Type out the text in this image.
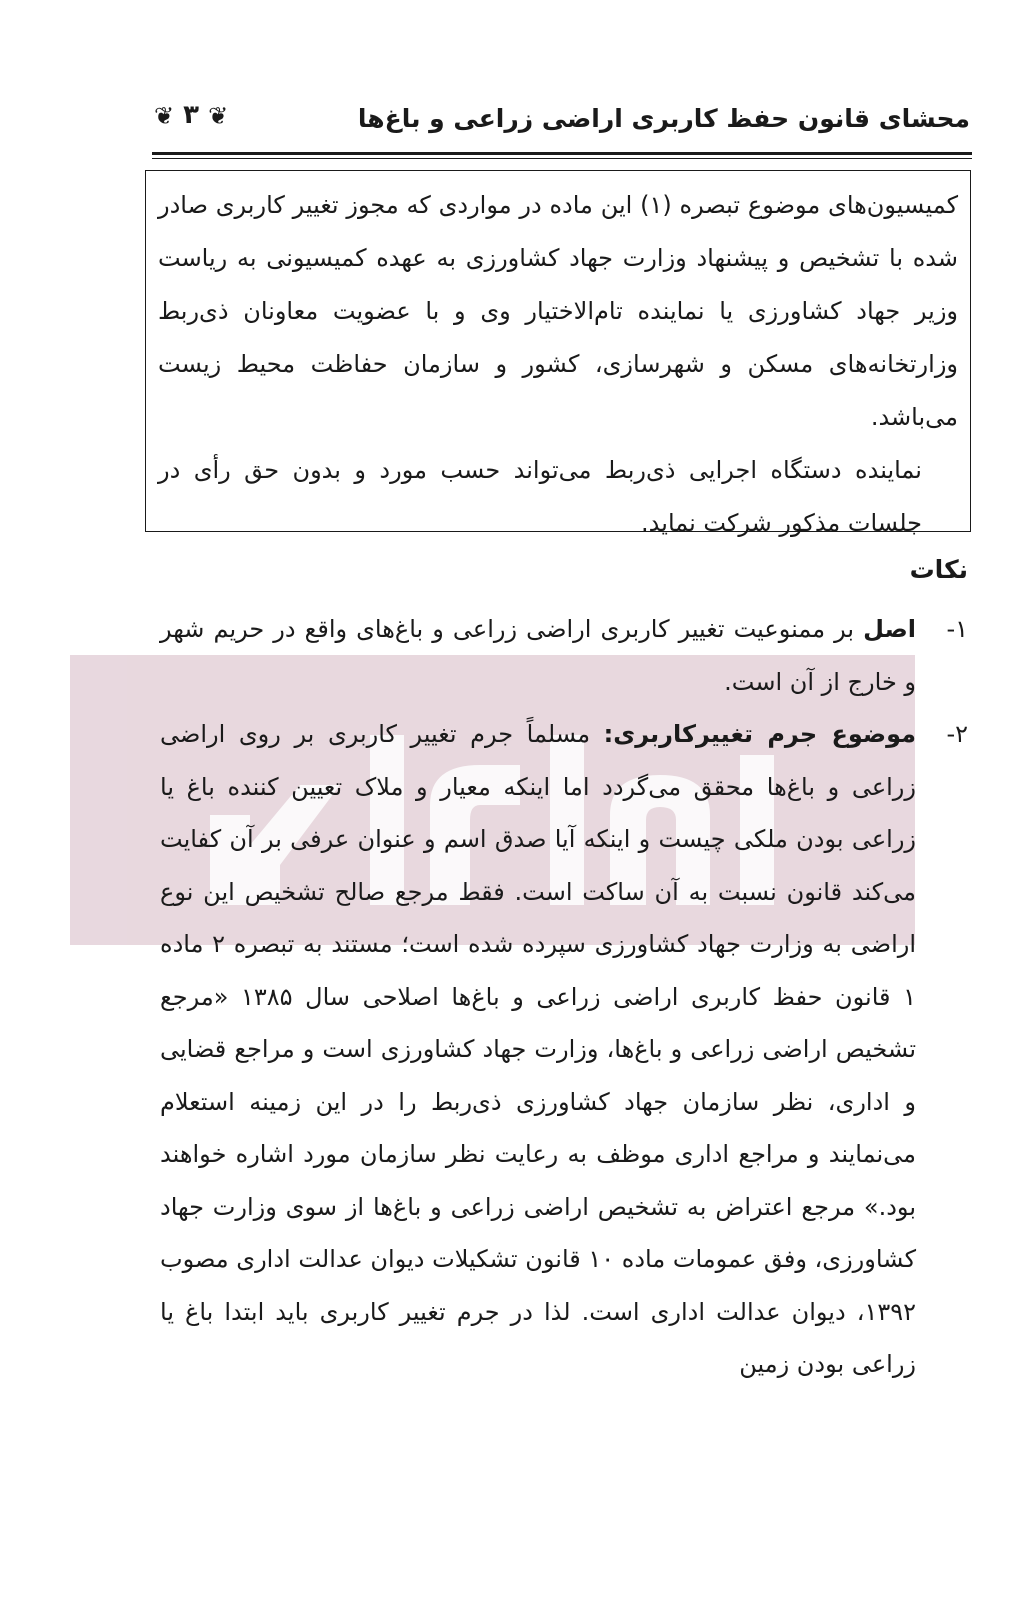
محشای قانون حفظ کاربری اراضی زراعی و باغ‌ها
❦ ۳ ❦

کمیسیون‌های موضوع تبصره (۱) این ماده در مواردی که مجوز تغییر کاربری صادر شده با تشخیص و پیشنهاد وزارت جهاد کشاورزی به عهده کمیسیونی به ریاست وزیر جهاد کشاورزی یا نماینده تام‌الاختیار وی و با عضویت معاونان ذی‌ربط وزارتخانه‌های مسکن و شهرسازی، کشور و سازمان حفاظت محیط زیست می‌باشد.

نماینده دستگاه اجرایی ذی‌ربط می‌تواند حسب مورد و بدون حق رأی در جلسات مذکور شرکت نماید.

نکات

۱-
اصل بر ممنوعیت تغییر کاربری اراضی زراعی و باغ‌های واقع در حریم شهر و خارج از آن است.

۲-
موضوع جرم تغییرکاربری: مسلماً جرم تغییر کاربری بر روی اراضی زراعی و باغ‌ها محقق می‌گردد اما اینکه معیار و ملاک تعیین کننده باغ یا زراعی بودن ملکی چیست و اینکه آیا صدق اسم و عنوان عرفی بر آن کفایت می‌کند قانون نسبت به آن ساکت است. فقط مرجع صالح تشخیص این نوع اراضی به وزارت جهاد کشاورزی سپرده شده است؛ مستند به تبصره ۲ ماده ۱ قانون حفظ کاربری اراضی زراعی و باغ‌ها اصلاحی سال ۱۳۸۵ «مرجع تشخیص اراضی زراعی و باغ‌ها، وزارت جهاد کشاورزی است و مراجع قضایی و اداری، نظر سازمان جهاد کشاورزی ذی‌ربط را در این زمینه استعلام می‌نمایند و مراجع اداری موظف به رعایت نظر سازمان مورد اشاره خواهند بود.» مرجع اعتراض به تشخیص اراضی زراعی و باغ‌ها از سوی وزارت جهاد کشاورزی، وفق عمومات ماده ۱۰ قانون تشکیلات دیوان عدالت اداری مصوب ۱۳۹۲، دیوان عدالت اداری است. لذا در جرم تغییر کاربری باید ابتدا باغ یا زراعی بودن زمین
